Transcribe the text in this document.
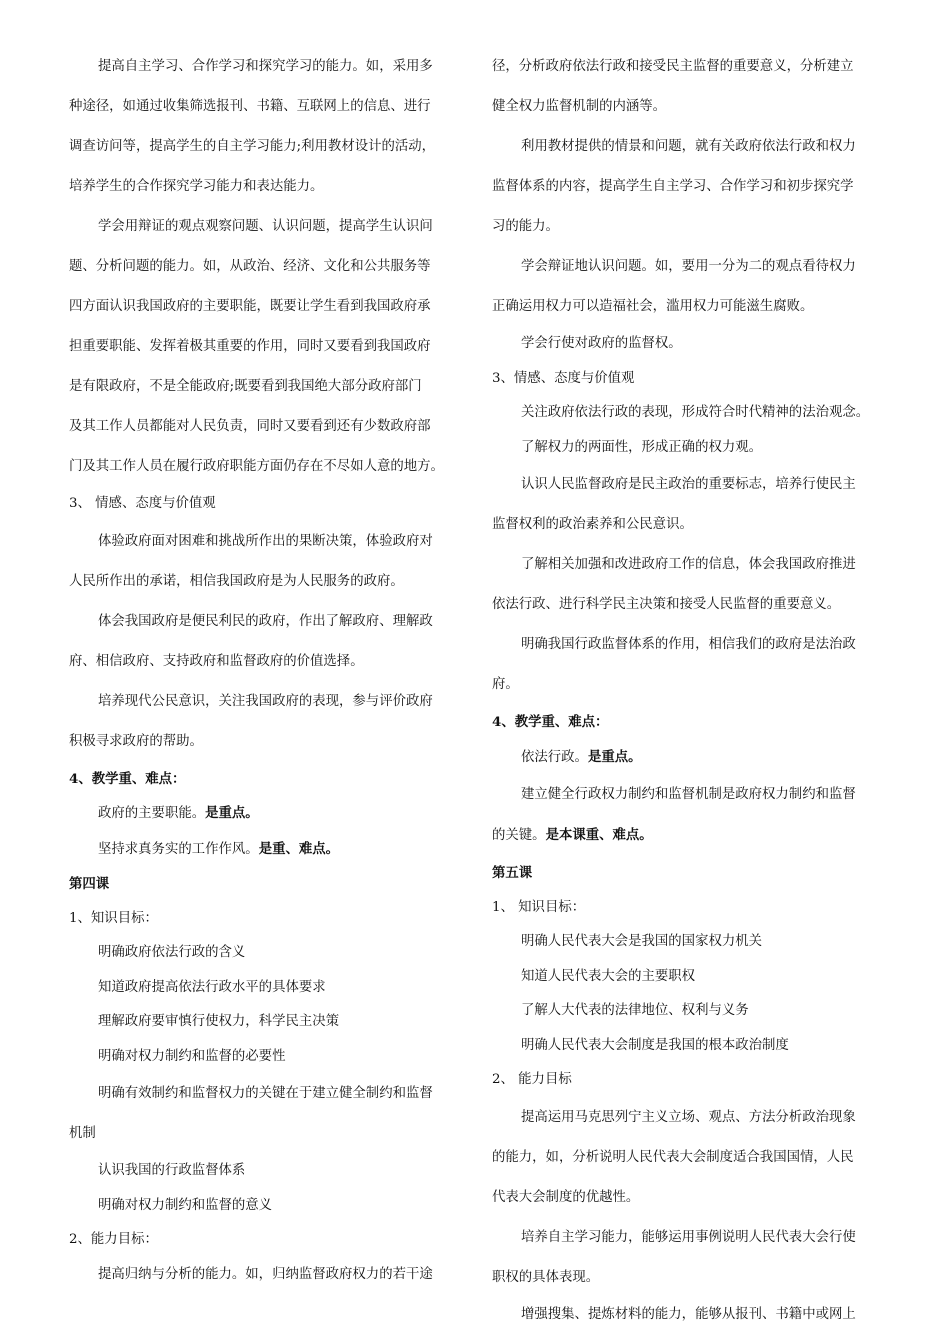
提高自主学习、合作学习和探究学习的能力。如，采用多
种途径，如通过收集筛选报刊、书籍、互联网上的信息、进行
调查访问等，提高学生的自主学习能力;利用教材设计的活动，
培养学生的合作探究学习能力和表达能力。
学会用辩证的观点观察问题、认识问题，提高学生认识问
题、分析问题的能力。如，从政治、经济、文化和公共服务等
四方面认识我国政府的主要职能，既要让学生看到我国政府承
担重要职能、发挥着极其重要的作用，同时又要看到我国政府
是有限政府，不是全能政府;既要看到我国绝大部分政府部门
及其工作人员都能对人民负责，同时又要看到还有少数政府部
门及其工作人员在履行政府职能方面仍存在不尽如人意的地方。
3、 情感、态度与价值观
体验政府面对困难和挑战所作出的果断决策，体验政府对
人民所作出的承诺，相信我国政府是为人民服务的政府。
体会我国政府是便民利民的政府，作出了解政府、理解政
府、相信政府、支持政府和监督政府的价值选择。
培养现代公民意识，关注我国政府的表现，参与评价政府
积极寻求政府的帮助。
4、教学重、难点：
政府的主要职能。是重点。
坚持求真务实的工作作风。是重、难点。
第四课
1、知识目标：
明确政府依法行政的含义
知道政府提高依法行政水平的具体要求
理解政府要审慎行使权力，科学民主决策
明确对权力制约和监督的必要性
明确有效制约和监督权力的关键在于建立健全制约和监督
机制
认识我国的行政监督体系
明确对权力制约和监督的意义
2、能力目标：
提高归纳与分析的能力。如，归纳监督政府权力的若干途
径，分析政府依法行政和接受民主监督的重要意义，分析建立
健全权力监督机制的内涵等。
利用教材提供的情景和问题，就有关政府依法行政和权力
监督体系的内容，提高学生自主学习、合作学习和初步探究学
习的能力。
学会辩证地认识问题。如，要用一分为二的观点看待权力
正确运用权力可以造福社会，滥用权力可能滋生腐败。
学会行使对政府的监督权。
3、情感、态度与价值观
关注政府依法行政的表现，形成符合时代精神的法治观念。
了解权力的两面性，形成正确的权力观。
认识人民监督政府是民主政治的重要标志，培养行使民主
监督权利的政治素养和公民意识。
了解相关加强和改进政府工作的信息，体会我国政府推进
依法行政、进行科学民主决策和接受人民监督的重要意义。
明确我国行政监督体系的作用，相信我们的政府是法治政
府。
4、教学重、难点：
依法行政。是重点。
建立健全行政权力制约和监督机制是政府权力制约和监督
的关键。是本课重、难点。
第五课
1、 知识目标：
明确人民代表大会是我国的国家权力机关
知道人民代表大会的主要职权
了解人大代表的法律地位、权利与义务
明确人民代表大会制度是我国的根本政治制度
2、 能力目标
提高运用马克思列宁主义立场、观点、方法分析政治现象
的能力，如，分析说明人民代表大会制度适合我国国情，人民
代表大会制度的优越性。
培养自主学习能力，能够运用事例说明人民代表大会行使
职权的具体表现。
增强搜集、提炼材料的能力，能够从报刊、书籍中或网上
